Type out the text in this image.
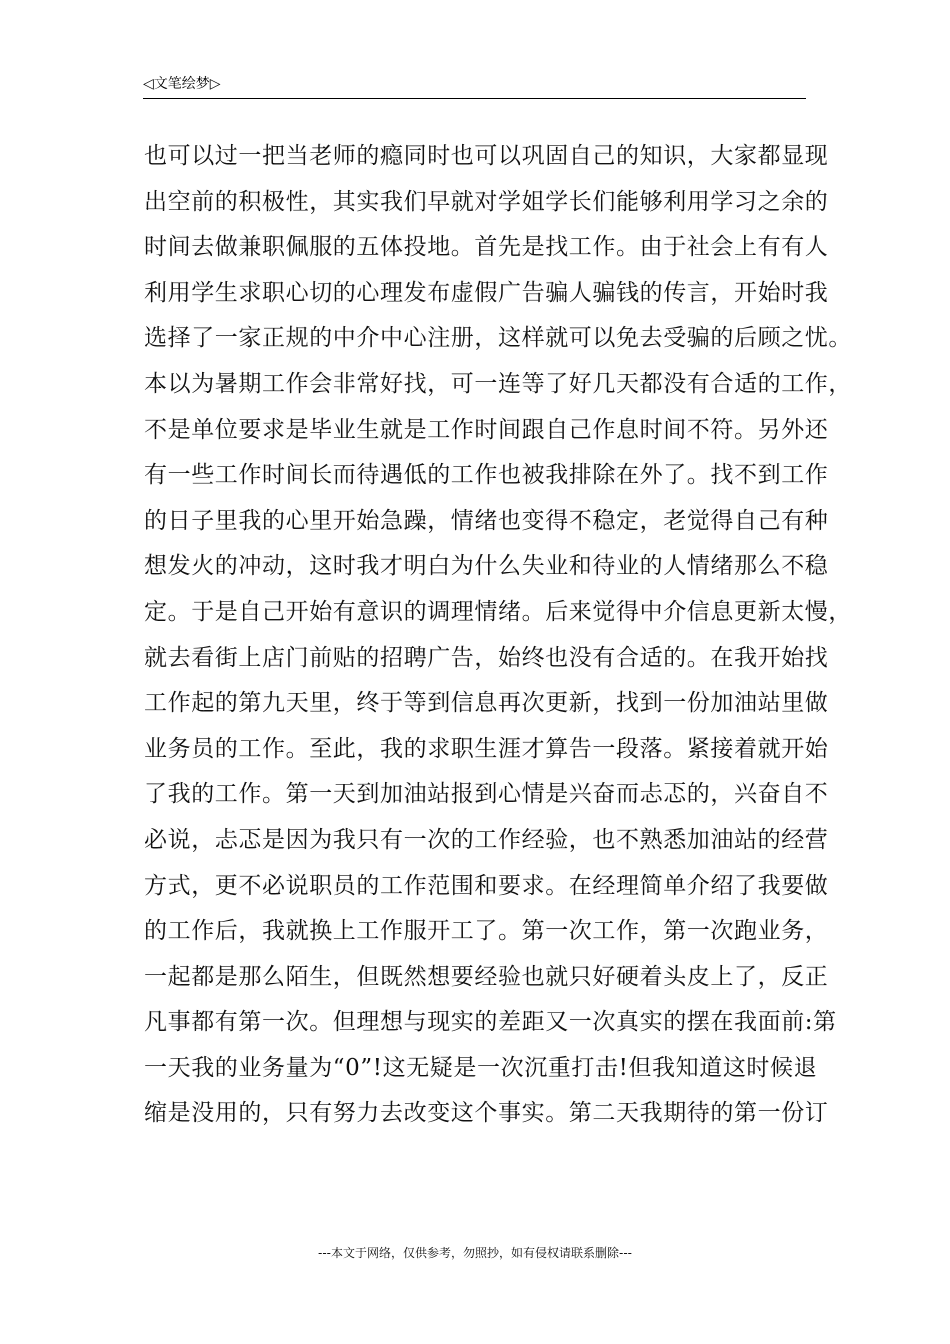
◁文笔绘梦▷
也可以过一把当老师的瘾同时也可以巩固自己的知识，大家都显现
出空前的积极性，其实我们早就对学姐学长们能够利用学习之余的
时间去做兼职佩服的五体投地。首先是找工作。由于社会上有有人
利用学生求职心切的心理发布虚假广告骗人骗钱的传言，开始时我
选择了一家正规的中介中心注册，这样就可以免去受骗的后顾之忧。
本以为暑期工作会非常好找，可一连等了好几天都没有合适的工作，
不是单位要求是毕业生就是工作时间跟自己作息时间不符。另外还
有一些工作时间长而待遇低的工作也被我排除在外了。找不到工作
的日子里我的心里开始急躁，情绪也变得不稳定，老觉得自己有种
想发火的冲动，这时我才明白为什么失业和待业的人情绪那么不稳
定。于是自己开始有意识的调理情绪。后来觉得中介信息更新太慢，
就去看街上店门前贴的招聘广告，始终也没有合适的。在我开始找
工作起的第九天里，终于等到信息再次更新，找到一份加油站里做
业务员的工作。至此，我的求职生涯才算告一段落。紧接着就开始
了我的工作。第一天到加油站报到心情是兴奋而忐忑的，兴奋自不
必说，忐忑是因为我只有一次的工作经验，也不熟悉加油站的经营
方式，更不必说职员的工作范围和要求。在经理简单介绍了我要做
的工作后，我就换上工作服开工了。第一次工作，第一次跑业务，
一起都是那么陌生，但既然想要经验也就只好硬着头皮上了，反正
凡事都有第一次。但理想与现实的差距又一次真实的摆在我面前:第
一天我的业务量为“0”!这无疑是一次沉重打击!但我知道这时候退
缩是没用的，只有努力去改变这个事实。第二天我期待的第一份订
---本文于网络，仅供参考，勿照抄，如有侵权请联系删除---
